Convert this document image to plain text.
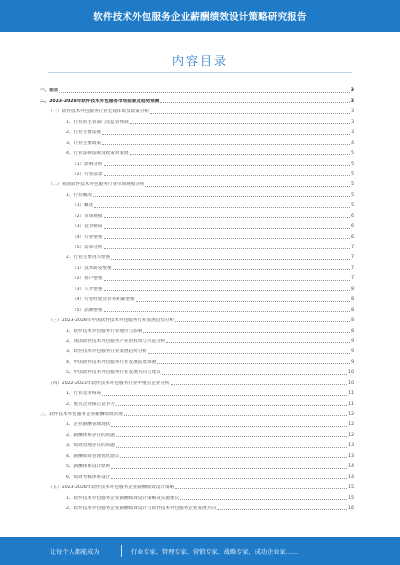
软件技术外包服务企业薪酬绩效设计策略研究报告
内容目录
一、前言	3
二、2023-2028年软件技术外包服务市场前景及趋势预测	3
（一）软件技术外包服务行业宏观环境及政策分析	3
1、行业的主管部门及监管体制	3
2、行业主要法规	3
3、行业主要政策	4
4、行业法律法规及政策对发展	5
（1）影响分析	5
（2）行业前景	5
（二）我国软件技术外包服务行业市场规模分析	5
1、行业概况	5
（1）概述	5
（2）市场规模	6
（3）竞争格局	6
（4）行业壁垒	6
（5）需求分析	7
2、行业主要进入壁垒	7
（1）技术研发壁垒	7
（2）客户壁垒	7
（3）人才壁垒	8
（4）行业经验及业务积累壁垒	8
（5）品牌壁垒	8
（三）2023-2028年中国软件技术外包服务行业发展趋势分析	8
1、软件技术外包服务行业地位与影响	8
2、我国软件技术外包服务产业的投资与兴起分析	9
3、软件技术外包服务行业发展趋势分析	9
4、中国软件技术外包服务行业发展前景预测	9
5、中国软件技术外包服务行业发展方向与建议	10
（四）2022-2023年软件技术外包服务行业中重点企业分析	10
1、行业竞争格局	11
2、重点企业核心竞争力	11
三、软件技术外包服务企业薪酬绩效管理	12
1、企业薪酬管理现状	12
2、薪酬体系存在的问题	12
3、绩效管理存在的问题	13
4、薪酬绩效管理优化建议	13
5、薪酬体系设计原则	14
6、绩效考核体系设计	14
（五）2023-2028年软件技术外包服务企业薪酬绩效设计策略	15
1、软件技术外包服务企业薪酬绩效设计策略及实施建议	15
2、软件技术外包服务企业薪酬绩效设计与软件技术外包服务企业发展方向	16
让每个人都能成为	行业专家、管理专家、营销专家、战略专家、成功企业家……
